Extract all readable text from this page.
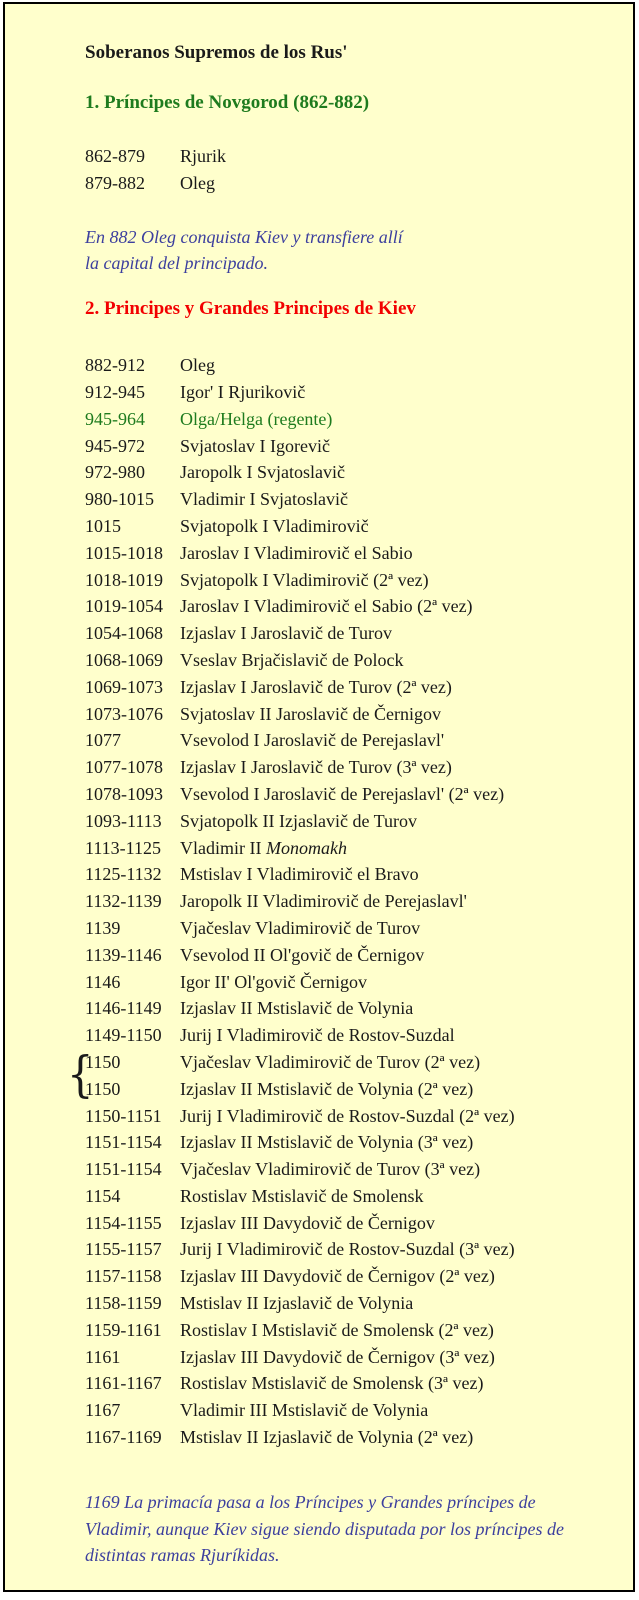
Soberanos Supremos de los Rus'
1. Príncipes de Novgorod (862-882)
862-879	Rjurik
879-882	Oleg
En 882 Oleg conquista Kiev y transfiere allí
la capital del principado.
2. Principes y Grandes Principes de Kiev
882-912	Oleg
912-945	Igor' I Rjurikovič
945-964	Olga/Helga (regente)
945-972	Svjatoslav I Igorevič
972-980	Jaropolk I Svjatoslavič
980-1015	Vladimir I Svjatoslavič
1015	Svjatopolk I Vladimirovič
1015-1018 Jaroslav I Vladimirovič el Sabio
1018-1019 Svjatopolk I Vladimirovič (2ª vez)
1019-1054 Jaroslav I Vladimirovič el Sabio (2ª vez)
1054-1068 Izjaslav I Jaroslavič de Turov
1068-1069 Vseslav Brjačislavič de Polock
1069-1073 Izjaslav I Jaroslavič de Turov (2ª vez)
1073-1076 Svjatoslav II Jaroslavič de Černigov
1077	Vsevolod I Jaroslavič de Perejaslavl'
1077-1078 Izjaslav I Jaroslavič de Turov (3ª vez)
1078-1093 Vsevolod I Jaroslavič de Perejaslavl' (2ª vez)
1093-1113	Svjatopolk II Izjaslavič de Turov
1113-1125	Vladimir II Monomakh
1125-1132	Mstislav I Vladimirovič el Bravo
1132-1139	Jaropolk II Vladimirovič de Perejaslavl'
1139	Vjačeslav Vladimirovič de Turov
1139-1146	Vsevolod II Ol'govič de Černigov
1146	Igor II' Ol'govič Černigov
1146-1149	Izjaslav II Mstislavič de Volynia
1149-1150	Jurij I Vladimirovič de Rostov-Suzdal
{
1150	Vjačeslav Vladimirovič de Turov (2ª vez)
1150	Izjaslav II Mstislavič de Volynia (2ª vez)
1150-1151	Jurij I Vladimirovič de Rostov-Suzdal (2ª vez)
1151-1154	Izjaslav II Mstislavič de Volynia (3ª vez)
1151-1154	Vjačeslav Vladimirovič de Turov (3ª vez)
1154	Rostislav Mstislavič de Smolensk
1154-1155	Izjaslav III Davydovič de Černigov
1155-1157	Jurij I Vladimirovič de Rostov-Suzdal (3ª vez)
1157-1158	Izjaslav III Davydovič de Černigov (2ª vez)
1158-1159	Mstislav II Izjaslavič de Volynia
1159-1161	Rostislav I Mstislavič de Smolensk (2ª vez)
1161	Izjaslav III Davydovič de Černigov (3ª vez)
1161-1167	Rostislav Mstislavič de Smolensk (3ª vez)
1167	Vladimir III Mstislavič de Volynia
1167-1169	Mstislav II Izjaslavič de Volynia (2ª vez)
1169 La primacía pasa a los Príncipes y Grandes príncipes de
Vladimir, aunque Kiev sigue siendo disputada por los príncipes de
distintas ramas Rjuríkidas.
